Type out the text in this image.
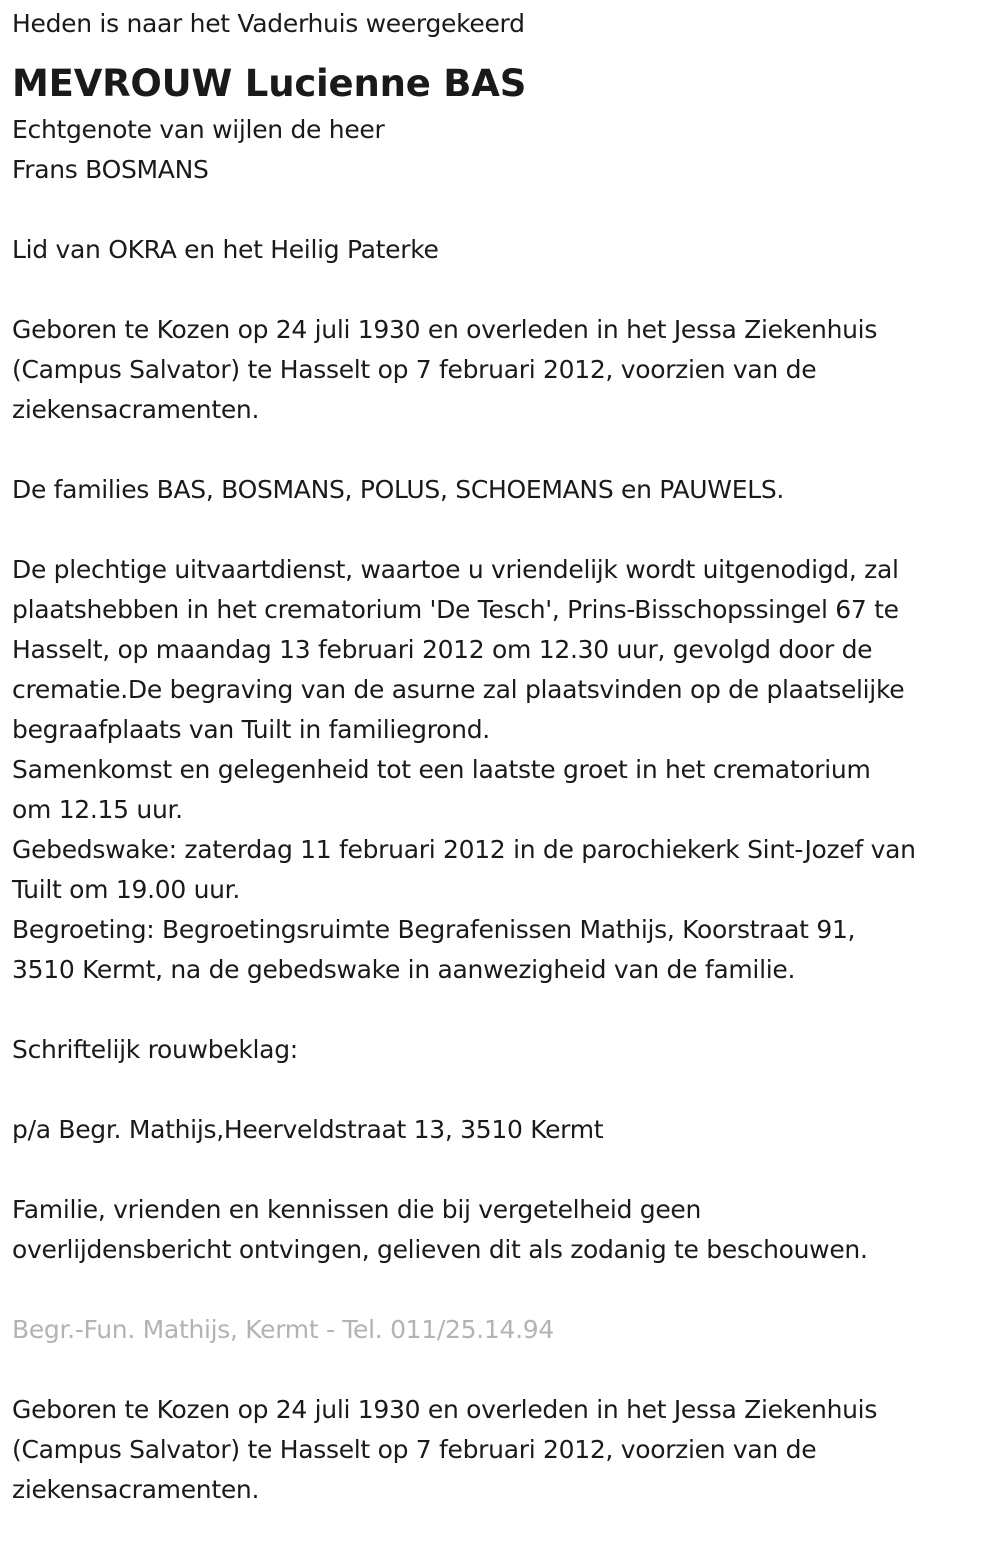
Heden is naar het Vaderhuis weergekeerd
MEVROUW Lucienne BAS
Echtgenote van wijlen de heer
Frans BOSMANS
Lid van OKRA en het Heilig Paterke
Geboren te Kozen op 24 juli 1930 en overleden in het Jessa Ziekenhuis
(Campus Salvator) te Hasselt op 7 februari 2012, voorzien van de
ziekensacramenten.
De families BAS, BOSMANS, POLUS, SCHOEMANS en PAUWELS.
De plechtige uitvaartdienst, waartoe u vriendelijk wordt uitgenodigd, zal
plaatshebben in het crematorium 'De Tesch', Prins-Bisschopssingel 67 te
Hasselt, op maandag 13 februari 2012 om 12.30 uur, gevolgd door de
crematie.De begraving van de asurne zal plaatsvinden op de plaatselijke
begraafplaats van Tuilt in familiegrond.
Samenkomst en gelegenheid tot een laatste groet in het crematorium
om 12.15 uur.
Gebedswake: zaterdag 11 februari 2012 in de parochiekerk Sint-Jozef van
Tuilt om 19.00 uur.
Begroeting: Begroetingsruimte Begrafenissen Mathijs, Koorstraat 91,
3510 Kermt, na de gebedswake in aanwezigheid van de familie.
Schriftelijk rouwbeklag:
p/a Begr. Mathijs,Heerveldstraat 13, 3510 Kermt
Familie, vrienden en kennissen die bij vergetelheid geen
overlijdensbericht ontvingen, gelieven dit als zodanig te beschouwen.
Begr.-Fun. Mathijs, Kermt - Tel. 011/25.14.94
Geboren te Kozen op 24 juli 1930 en overleden in het Jessa Ziekenhuis
(Campus Salvator) te Hasselt op 7 februari 2012, voorzien van de
ziekensacramenten.
